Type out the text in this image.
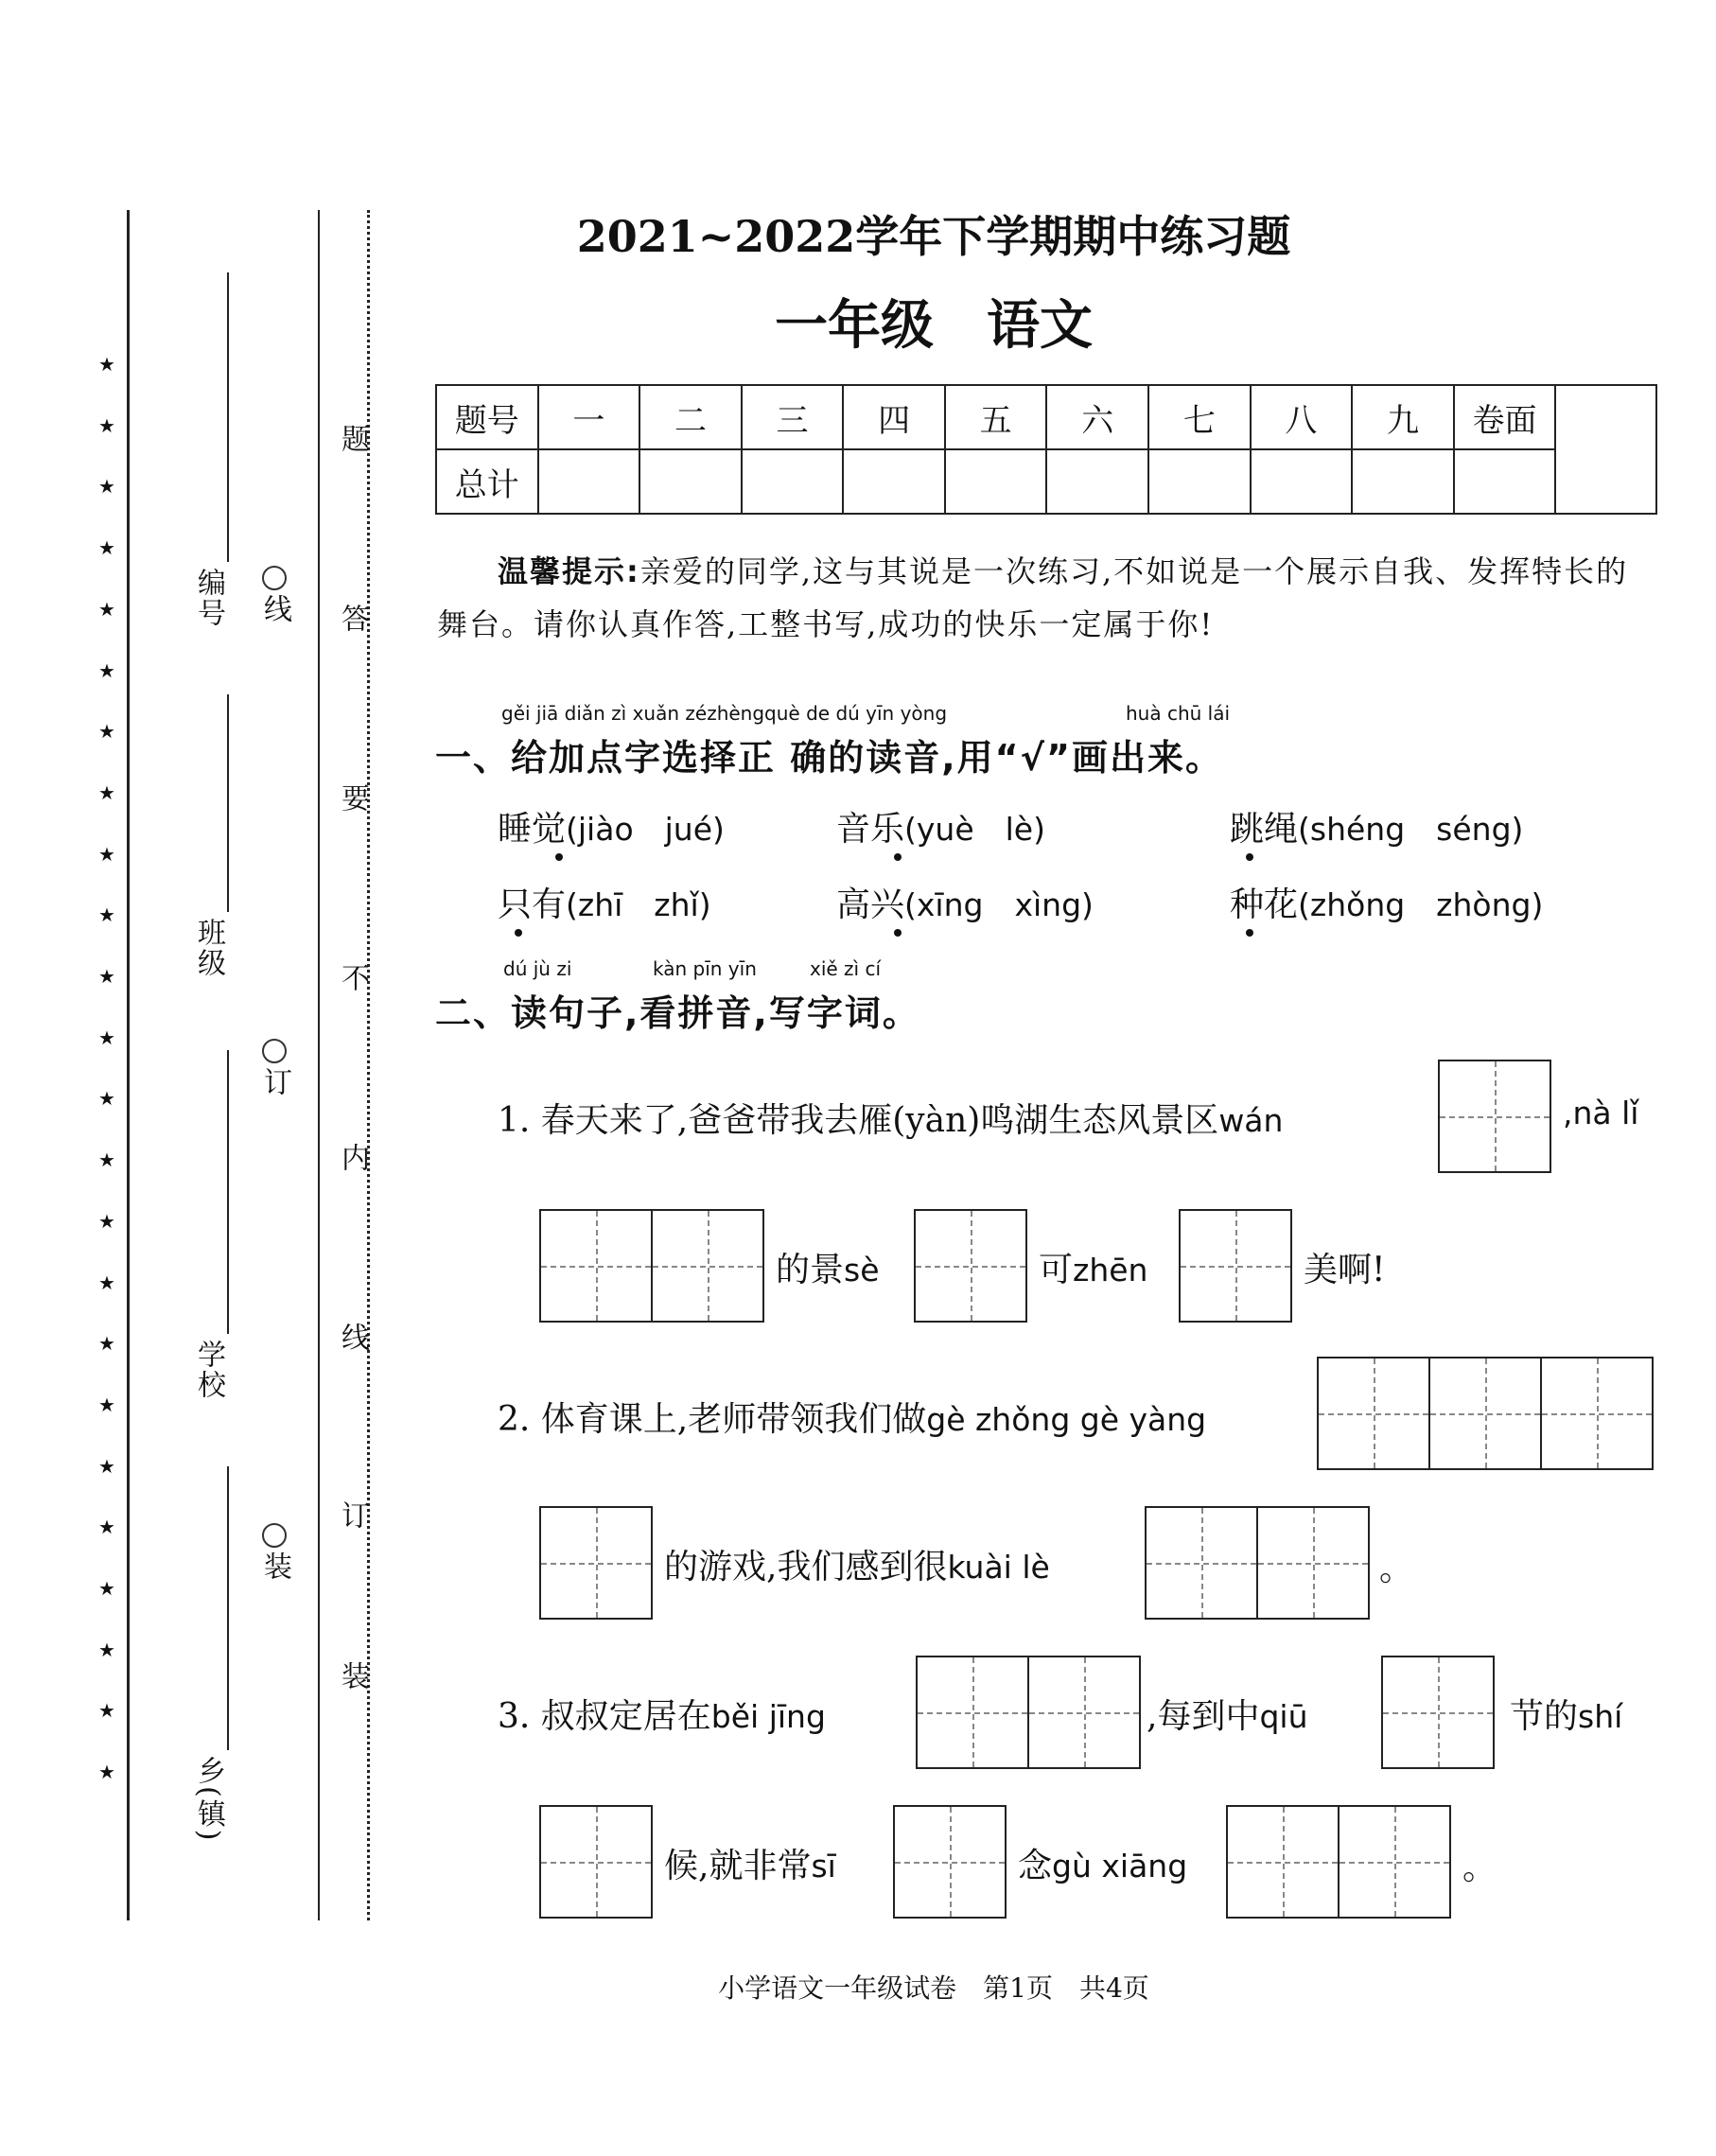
★
★
★
★
★
★
★
★
★
★
★
★
★
★
★
★
★
★
★
★
★
★
★
★	乡(镇)
学校
班级
编号
装
订
线
装
订
线
内
不
要
答
题
2021~2022学年下学期期中练习题
一年级　语文
题号	一	二	三	四	五	六	七	八	九	卷面	
总计											
温馨提示:亲爱的同学,这与其说是一次练习,不如说是一个展示自我、发挥特长的舞台。请你认真作答,工整书写,成功的快乐一定属于你!
gěi jiā diǎn zì xuǎn zézhèngquè de dú yīn yòng	huà chū lái
一、给加点字选择正 确的读音,用“√”画出来。
睡觉(jiào　jué)	音乐(yuè　lè)	跳绳(shéng　séng)
只有(zhī　zhǐ)	高兴(xīng　xìng)	种花(zhǒng　zhòng)
dú jù zi	kàn pīn yīn	xiě zì cí
二、读句子,看拼音,写字词。
1. 春天来了,爸爸带我去雁(yàn)鸣湖生态风景区wán	,nà lǐ
的景sè	可zhēn	美啊!
2. 体育课上,老师带领我们做gè zhǒng gè yàng
的游戏,我们感到很kuài lè	。
3. 叔叔定居在běi jīng	,每到中qiū	节的shí
候,就非常sī	念gù xiāng	。
小学语文一年级试卷　第1页　共4页
